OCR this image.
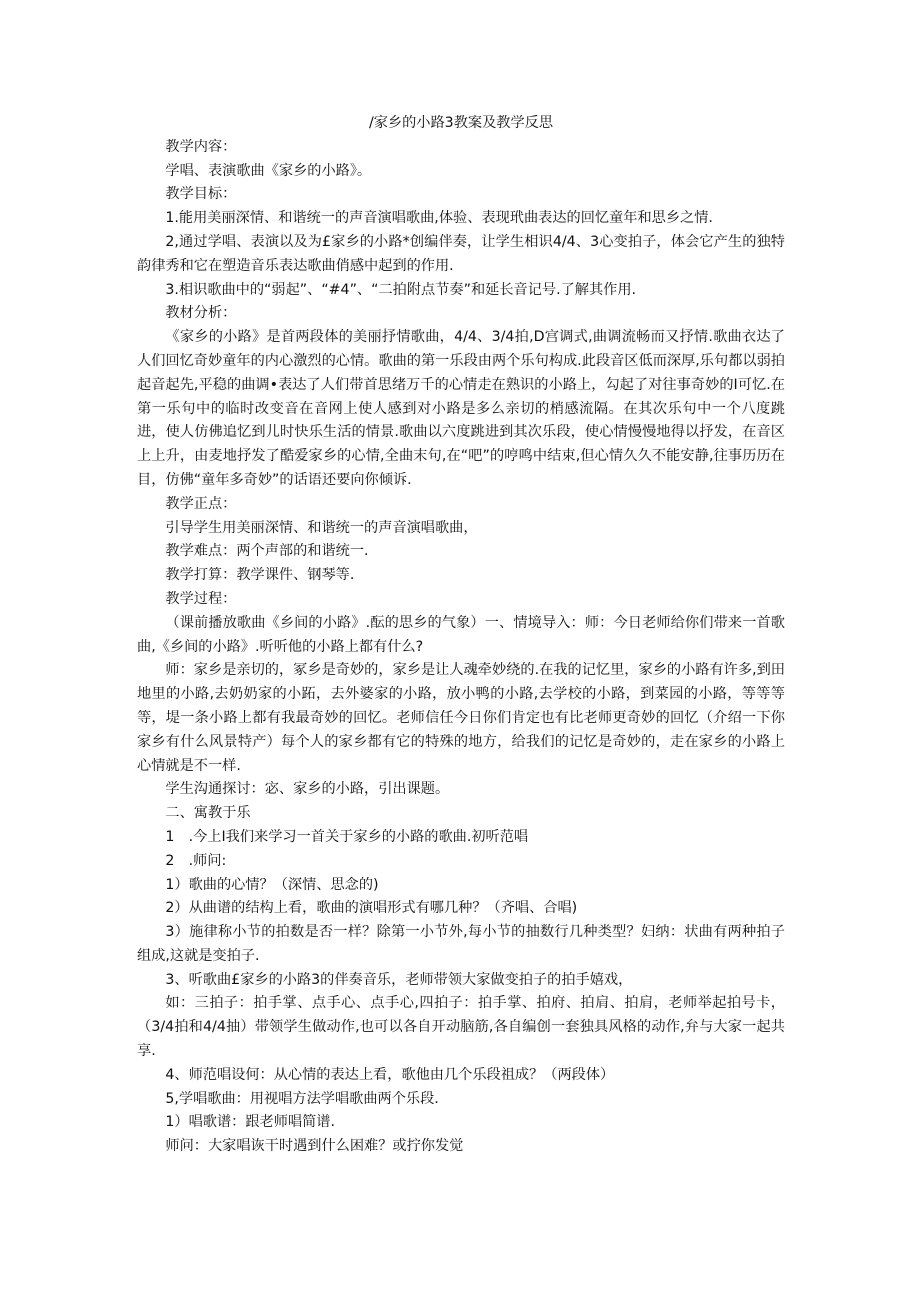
/家乡的小路3教案及教学反思

教学内容：

学唱、表演歌曲《家乡的小路》。

教学目标：

1.能用美丽深情、和谐统一的声音演唱歌曲,体验、表现玳曲表达的回忆童年和思乡之情.

2,通过学唱、表演以及为£家乡的小路*创编伴奏，让学生相识4/4、3心变拍子，体会它产生的独特韵律秀和它在塑造音乐表达歌曲俏感中起到的作用.

3.相识歌曲中的“弱起”、“#4”、“二拍附点节奏”和延长音记号.了解其作用.

教材分析：

《家乡的小路》是首两段体的美丽抒情歌曲，4/4、3/4拍,D宫调式,曲调流畅而又抒情.歌曲衣达了人们回忆奇妙童年的内心激烈的心情。歌曲的第一乐段由两个乐句构成.此段音区低而深厚,乐句都以弱拍起音起先,平稳的曲调•表达了人们带首思绪万千的心情走在熟识的小路上，勾起了对往事奇妙的I可忆.在第一乐句中的临时改变音在音网上使人感到对小路是多么亲切的梢感流隔。在其次乐句中一个八度跳进，使人仿佛追忆到儿时快乐生活的情景.歌曲以六度跳进到其次乐段，使心情慢慢地得以抒发，在音区上上升，由麦地抒发了酷爱家乡的心情,全曲末句,在“吧”的哼鸣中结束,但心情久久不能安静,往事历历在目，仿佛“童年多奇妙”的话语还要向你倾诉.

教学正点：

引导学生用美丽深情、和谐统一的声音演唱歌曲，

教学难点：两个声部的和谐统一.

教学打算：教学课件、钢琴等.

教学过程：

（课前播放歌曲《乡间的小路》.酝的思乡的气象）一、情境导入：师：今日老师给你们带来一首歌曲,《乡间的小路》.听听他的小路上都有什么?

师：家乡是亲切的，冢乡是奇妙的，家乡是让人魂牵妙绕的.在我的记忆里，家乡的小路有许多,到田地里的小路,去奶奶家的小跖，去外婆家的小路，放小鸭的小路,去学校的小路，到菜园的小路，等等等等，堤一条小路上都有我最奇妙的回忆。老师信任今日你们肯定也有比老师更奇妙的回忆（介绍一下你家乡有什么风景特产）每个人的家乡都有它的特殊的地方，给我们的记忆是奇妙的，走在家乡的小路上心情就是不一样.

学生沟通探讨：宓、家乡的小路，引出课题。

二、寓教于乐

1　.今上I我们来学习一首关于家乡的小路的歌曲.初听范唱

2　.师问:

1）歌曲的心情？（深情、思念的)

2）从曲谱的结构上看，歌曲的演唱形式有哪几种？（齐唱、合唱)

3）施律称小节的拍数是否一样？除第一小节外,每小节的抽数行几种类型？妇纳：状曲有两种拍子组成,这就是变拍子.

3、听歌曲£家乡的小路3的伴奏音乐，老师带领大家做变拍子的拍手嬉戏，

如：三拍子：拍手掌、点手心、点手心,四拍子：拍手掌、拍府、拍肩、拍肩，老师举起拍号卡，（3/4拍和4/4抽）带领学生做动作,也可以各自开动脑筋,各自编创一套独具风格的动作,弁与大家一起共享.

4、师范唱设何：从心情的表达上看，歌他由几个乐段祖成？（两段体）

5,学唱歌曲：用视唱方法学唱歌曲两个乐段.

1）唱歌谱：跟老师唱简谱.

师问：大家唱诙干时遇到什么困难？或拧你发觉
